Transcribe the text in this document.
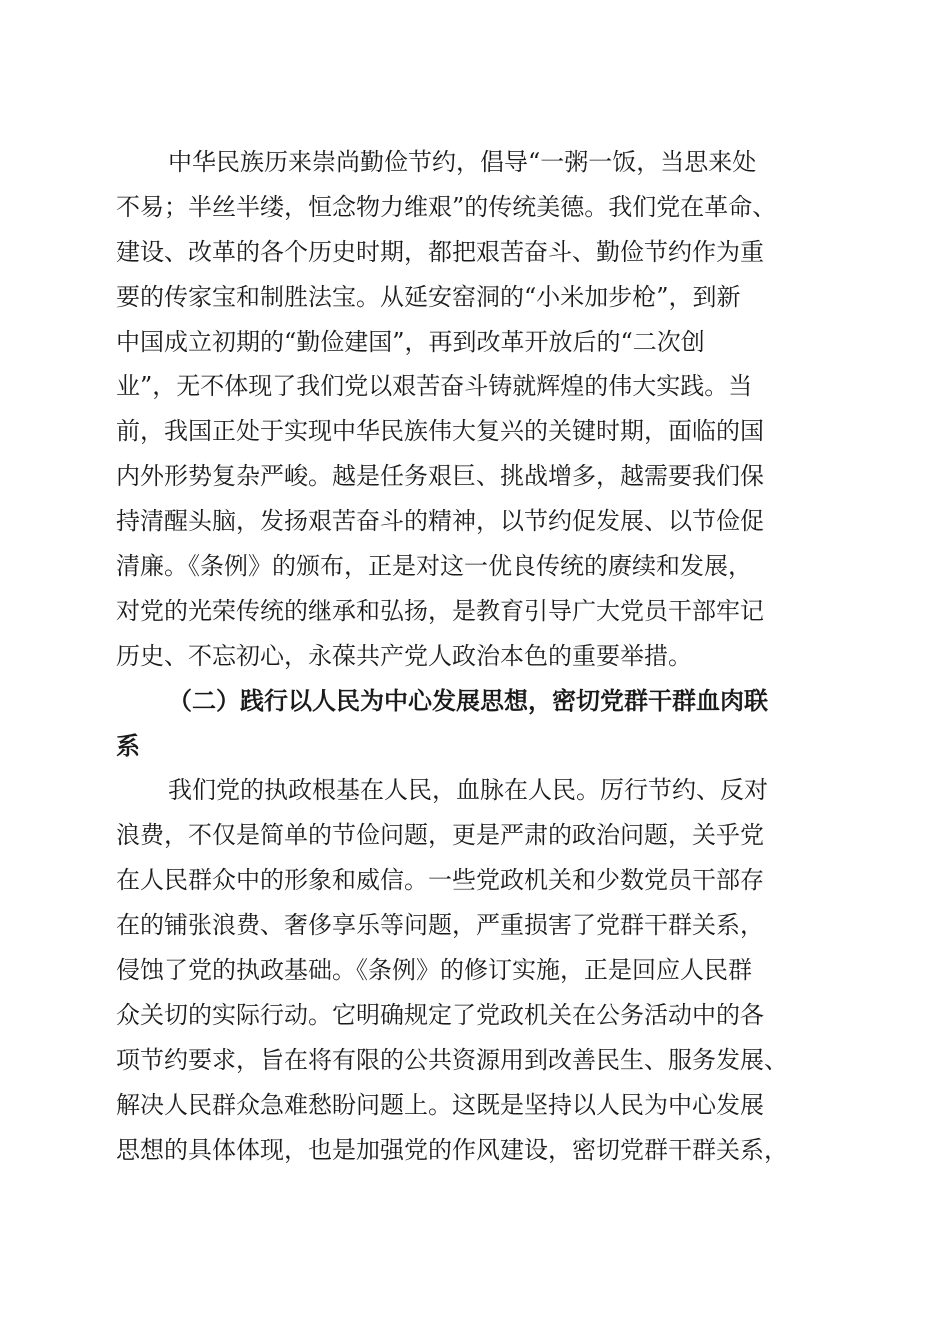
中华民族历来崇尚勤俭节约，倡导“一粥一饭，当思来处
不易；半丝半缕，恒念物力维艰”的传统美德。我们党在革命、
建设、改革的各个历史时期，都把艰苦奋斗、勤俭节约作为重
要的传家宝和制胜法宝。从延安窑洞的“小米加步枪”，到新
中国成立初期的“勤俭建国”，再到改革开放后的“二次创
业”，无不体现了我们党以艰苦奋斗铸就辉煌的伟大实践。当
前，我国正处于实现中华民族伟大复兴的关键时期，面临的国
内外形势复杂严峻。越是任务艰巨、挑战增多，越需要我们保
持清醒头脑，发扬艰苦奋斗的精神，以节约促发展、以节俭促
清廉。《条例》的颁布，正是对这一优良传统的赓续和发展，
对党的光荣传统的继承和弘扬，是教育引导广大党员干部牢记
历史、不忘初心，永葆共产党人政治本色的重要举措。
（二）践行以人民为中心发展思想，密切党群干群血肉联
系
我们党的执政根基在人民，血脉在人民。厉行节约、反对
浪费，不仅是简单的节俭问题，更是严肃的政治问题，关乎党
在人民群众中的形象和威信。一些党政机关和少数党员干部存
在的铺张浪费、奢侈享乐等问题，严重损害了党群干群关系，
侵蚀了党的执政基础。《条例》的修订实施，正是回应人民群
众关切的实际行动。它明确规定了党政机关在公务活动中的各
项节约要求，旨在将有限的公共资源用到改善民生、服务发展、
解决人民群众急难愁盼问题上。这既是坚持以人民为中心发展
思想的具体体现，也是加强党的作风建设，密切党群干群关系，
